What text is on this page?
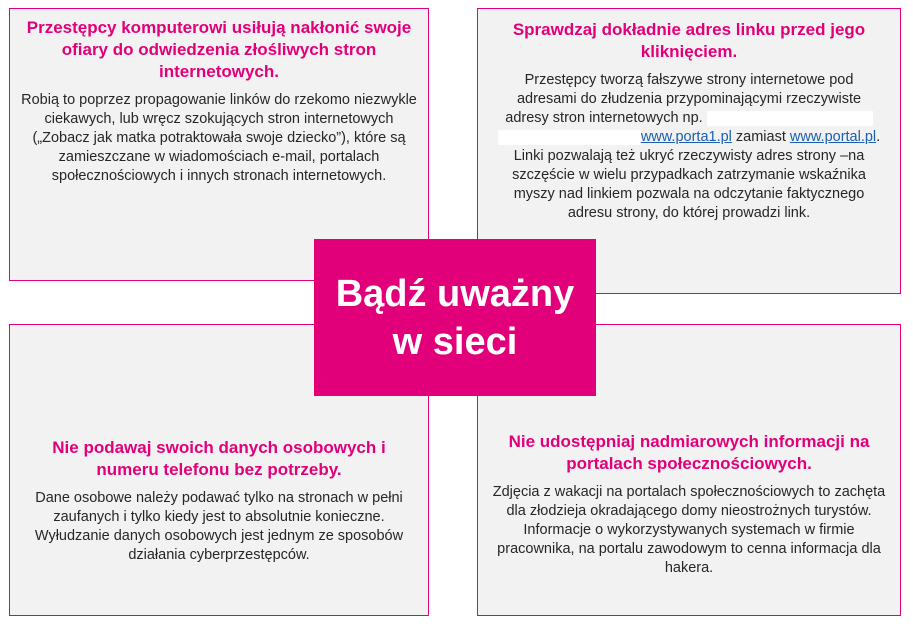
Przestępcy komputerowi usiłują nakłonić swoje ofiary do odwiedzenia złośliwych stron internetowych.

Robią to poprzez propagowanie linków do rzekomo niezwykle ciekawych, lub wręcz szokujących stron internetowych („Zobacz jak matka potraktowała swoje dziecko”), które są zamieszczane w wiadomościach e-mail, portalach społecznościowych i innych stronach internetowych.

Sprawdzaj dokładnie adres linku przed jego kliknięciem.

Przestępcy tworzą fałszywe strony internetowe pod adresami do złudzenia przypominającymi rzeczywiste adresy stron internetowych np.  www.porta1.pl zamiast www.portal.pl. Linki pozwalają też ukryć rzeczywisty adres strony –na szczęście w wielu przypadkach zatrzymanie wskaźnika myszy nad linkiem pozwala na odczytanie faktycznego adresu strony, do której prowadzi link.

Nie podawaj swoich danych osobowych i numeru telefonu bez potrzeby.

Dane osobowe należy podawać tylko na stronach w pełni zaufanych i tylko kiedy jest to absolutnie konieczne. Wyłudzanie danych osobowych jest jednym ze sposobów działania cyberprzestępców.

Nie udostępniaj nadmiarowych informacji na portalach społecznościowych.

Zdjęcia z wakacji na portalach społecznościowych to zachęta dla złodzieja okradającego domy nieostrożnych turystów. Informacje o wykorzystywanych systemach w firmie pracownika, na portalu zawodowym to cenna informacja dla hakera.

Bądź uważny
w sieci
